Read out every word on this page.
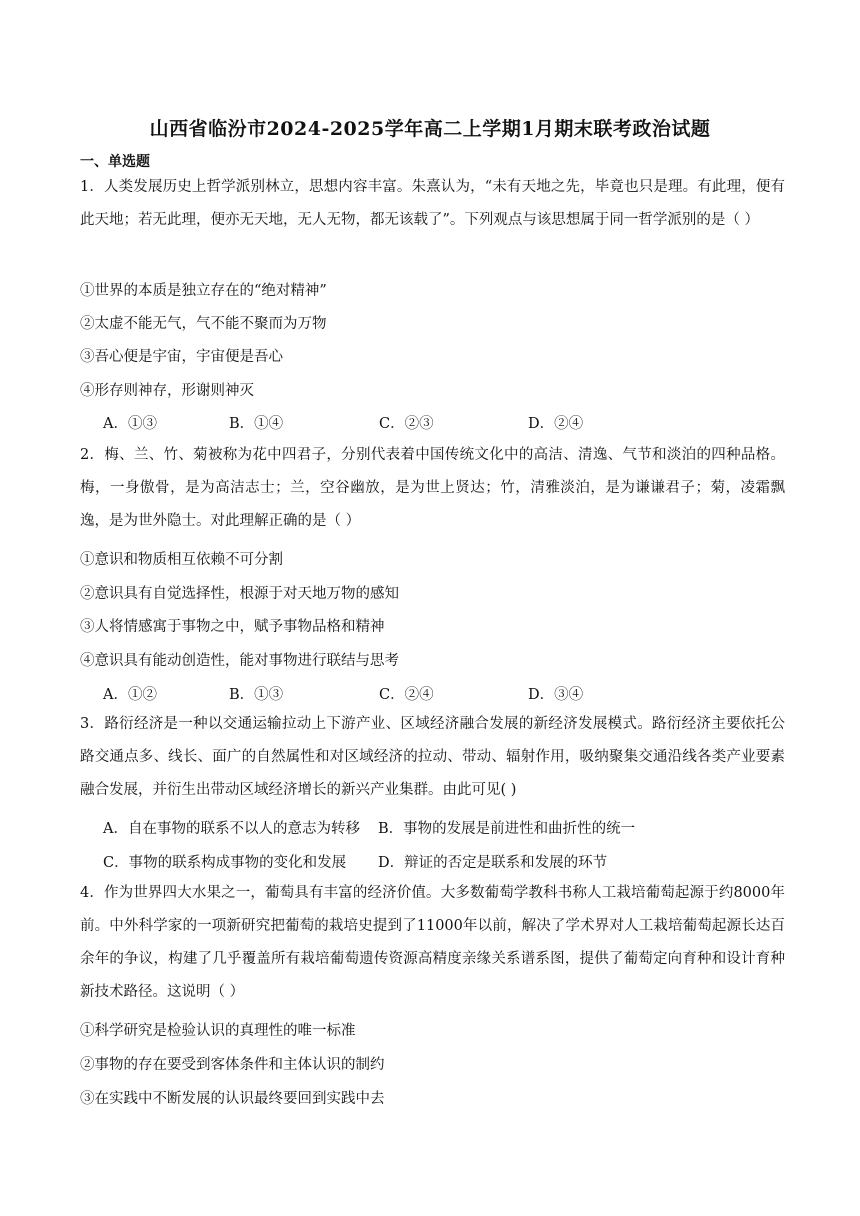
山西省临汾市2024-2025学年高二上学期1月期末联考政治试题
一、单选题
1．人类发展历史上哲学派别林立，思想内容丰富。朱熹认为，“未有天地之先，毕竟也只是理。有此理，便有此天地；若无此理，便亦无天地，无人无物，都无该载了”。下列观点与该思想属于同一哲学派别的是（ ）
①世界的本质是独立存在的“绝对精神”
②太虚不能无气，气不能不聚而为万物
③吾心便是宇宙，宇宙便是吾心
④形存则神存，形谢则神灭
A．①③	B．①④	C．②③	D．②④
2．梅、兰、竹、菊被称为花中四君子，分别代表着中国传统文化中的高洁、清逸、气节和淡泊的四种品格。梅，一身傲骨，是为高洁志士；兰，空谷幽放，是为世上贤达；竹，清雅淡泊，是为谦谦君子；菊，凌霜飘逸，是为世外隐士。对此理解正确的是（ ）
①意识和物质相互依赖不可分割
②意识具有自觉选择性，根源于对天地万物的感知
③人将情感寓于事物之中，赋予事物品格和精神
④意识具有能动创造性，能对事物进行联结与思考
A．①②	B．①③	C．②④	D．③④
3．路衍经济是一种以交通运输拉动上下游产业、区域经济融合发展的新经济发展模式。路衍经济主要依托公路交通点多、线长、面广的自然属性和对区域经济的拉动、带动、辐射作用，吸纳聚集交通沿线各类产业要素融合发展，并衍生出带动区域经济增长的新兴产业集群。由此可见( )
A．自在事物的联系不以人的意志为转移 B．事物的发展是前进性和曲折性的统一
C．事物的联系构成事物的变化和发展 D．辩证的否定是联系和发展的环节
4．作为世界四大水果之一，葡萄具有丰富的经济价值。大多数葡萄学教科书称人工栽培葡萄起源于约8000年前。中外科学家的一项新研究把葡萄的栽培史提到了11000年以前，解决了学术界对人工栽培葡萄起源长达百余年的争议，构建了几乎覆盖所有栽培葡萄遗传资源高精度亲缘关系谱系图，提供了葡萄定向育种和设计育种新技术路径。这说明（ ）
①科学研究是检验认识的真理性的唯一标准
②事物的存在要受到客体条件和主体认识的制约
③在实践中不断发展的认识最终要回到实践中去
